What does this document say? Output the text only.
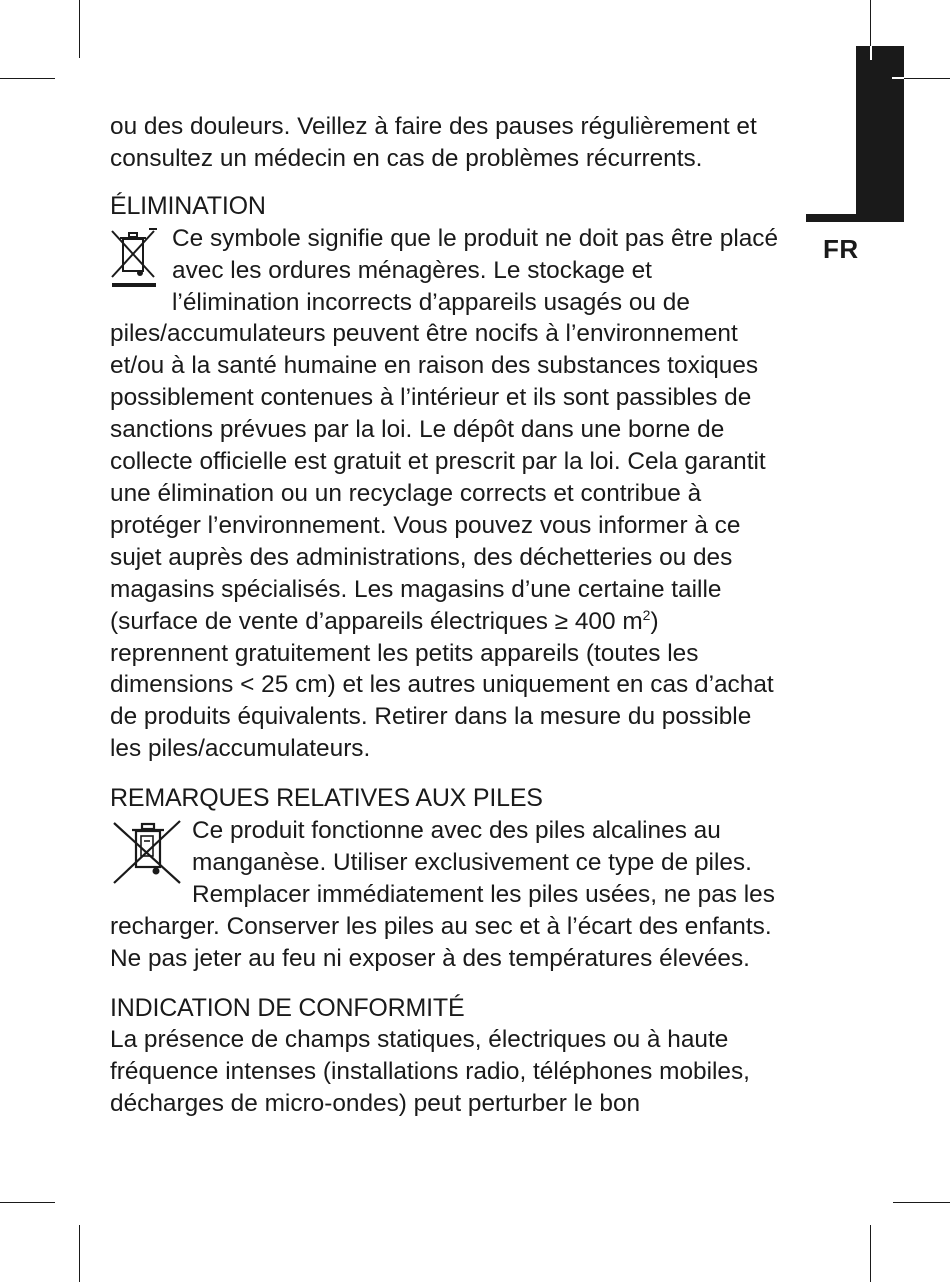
FR

ou des douleurs. Veillez à faire des pauses régulièrement et consultez un médecin en cas de problèmes récurrents.

ÉLIMINATION

Ce symbole signifie que le produit ne doit pas être placé avec les ordures ménagères. Le stockage et l’élimination incorrects d’appareils usagés ou de piles/accumulateurs peuvent être nocifs à l’environnement et/ou à la santé humaine en raison des substances toxiques possiblement contenues à l’intérieur et ils sont passibles de sanctions prévues par la loi. Le dépôt dans une borne de collecte officielle est gratuit et prescrit par la loi. Cela garantit une élimination ou un recyclage corrects et contribue à protéger l’environnement. Vous pouvez vous informer à ce sujet auprès des administrations, des déchetteries ou des magasins spécialisés. Les magasins d’une certaine taille (surface de vente d’appareils électriques ≥ 400 $m^2$) reprennent gratuitement les petits appareils (toutes les dimensions < 25 cm) et les autres uniquement en cas d’achat de produits équivalents. Retirer dans la mesure du possible les piles/accumulateurs.

REMARQUES RELATIVES AUX PILES

Ce produit fonctionne avec des piles alcalines au manganèse. Utiliser exclusivement ce type de piles. Remplacer immédiatement les piles usées, ne pas les recharger. Conserver les piles au sec et à l’écart des enfants. Ne pas jeter au feu ni exposer à des températures élevées.

INDICATION DE CONFORMITÉ

La présence de champs statiques, électriques ou à haute fréquence intenses (installations radio, téléphones mobiles, décharges de micro-ondes) peut perturber le bon
